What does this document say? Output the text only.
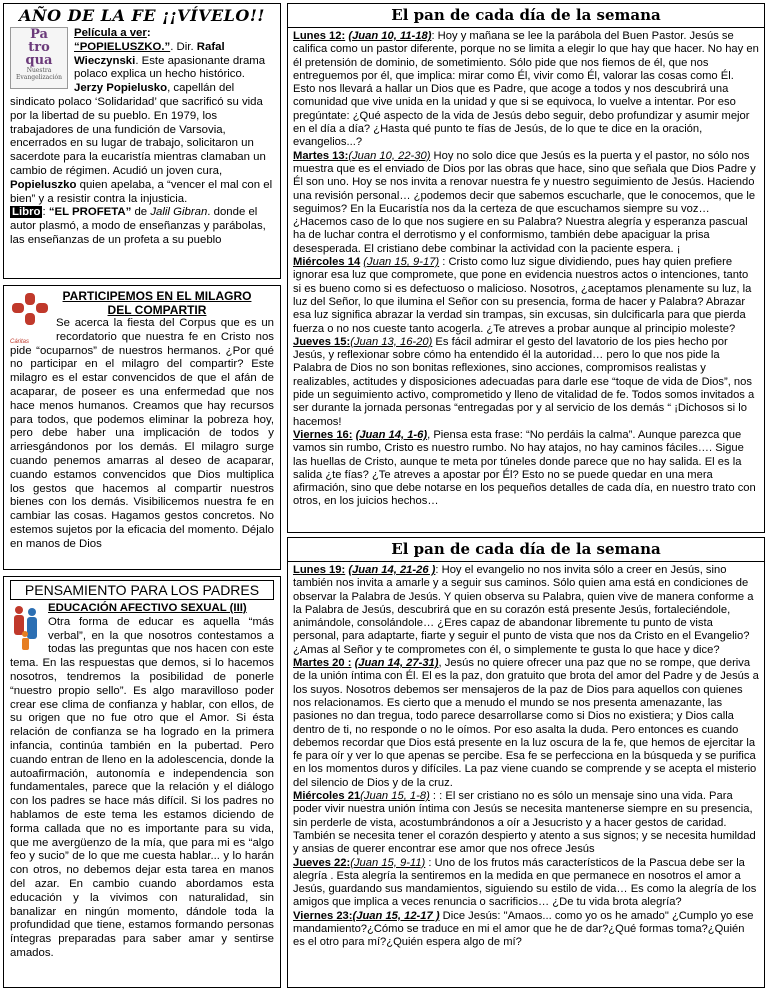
AÑO DE LA FE ¡¡VÍVELO!!
Pa
tro
qua
Nuestra Evangelización

Película a ver:
“POPIELUSZKO.”. Dir. Rafal Wieczynski. Este apasionante drama polaco explica un hecho histórico. Jerzy Popielusko, capellán del sindicato polaco ‘Solidaridad’ que sacrificó su vida por la libertad de su pueblo. En 1979, los trabajadores de una fundición de Varsovia, encerrados en su lugar de trabajo, solicitaron un sacerdote para la eucaristía mientras clamaban un cambio de régimen. Acudió un joven cura, Popieluszko quien apelaba, a “vencer el mal con el bien” y a resistir contra la injusticia.

Libro : “EL PROFETA” de Jalil Gibran. donde el autor plasmó, a modo de enseñanzas y parábolas, las enseñanzas de un profeta a su pueblo

PARTICIPEMOS EN EL MILAGRO
DEL COMPARTIR
Cáritas

Se acerca la fiesta del Corpus que es un recordatorio que nuestra fe en Cristo nos pide “ocuparnos” de nuestros hermanos. ¿Por qué no participar en el milagro del compartir? Este milagro es el estar convencidos de que el afán de acaparar, de poseer es una enfermedad que nos hace menos humanos. Creamos que hay recursos para todos, que podemos eliminar la pobreza hoy, pero debe haber una implicación de todos y arriesgándonos por los demás. El milagro surge cuando penemos amarras al deseo de acaparar, cuando estamos convencidos que Dios multiplica los gestos que hacemos al compartir nuestros bienes con los demás. Visibilicemos nuestra fe en cambiar las cosas. Hagamos gestos concretos. No estemos sujetos por la eficacia del momento. Déjalo en manos de Dios

PENSAMIENTO PARA LOS PADRES
EDUCACIÓN AFECTIVO SEXUAL (III)

Otra forma de educar es aquella “más verbal”, en la que nosotros contestamos a todas las preguntas que nos hacen con este tema. En las respuestas que demos, si lo hacemos nosotros, tendremos la posibilidad de ponerle “nuestro propio sello”. Es algo maravilloso poder crear ese clima de confianza y hablar, con ellos, de su origen que no fue otro que el Amor. Si ésta relación de confianza se ha logrado en la primera infancia, continúa también en la pubertad. Pero cuando entran de lleno en la adolescencia, donde la autoafirmación, autonomía e independencia son fundamentales, parece que la relación y el diálogo con los padres se hace más difícil. Si los padres no hablamos de este tema les estamos diciendo de forma callada que no es importante para su vida, que me avergüenzo de la mía, que para mi es “algo feo y sucio” de lo que me cuesta hablar... y lo harán con otros, no debemos dejar esta tarea en manos del azar. En cambio cuando abordamos esta educación y la vivimos con naturalidad, sin banalizar en ningún momento, dándole toda la profundidad que tiene, estamos formando personas íntegras preparadas para saber amar y sentirse amados.

El pan de cada día de la semana

Lunes 12: (Juan 10, 11-18): Hoy y mañana se lee la parábola del Buen Pastor. Jesús se califica como un pastor diferente, porque no se limita a elegir lo que hay que hacer. No hay en él pretensión de dominio, de sometimiento. Sólo pide que nos fiemos de él, que nos entreguemos por él, que implica: mirar como Él, vivir como Él, valorar las cosas como Él. Esto nos llevará a hallar un Dios que es Padre, que acoge a todos y nos descubrirá una comunidad que vive unida en la unidad y que si se equivoca, lo vuelve a intentar. Por eso pregúntate: ¿Qué aspecto de la vida de Jesús debo seguir, debo profundizar y asumir mejor en el día a día? ¿Hasta qué punto te fías de Jesús, de lo que te dice en la oración, evangelios...?

Martes 13:(Juan 10, 22-30) Hoy no solo dice que Jesús es la puerta y el pastor, no sólo nos muestra que es el enviado de Dios por las obras que hace, sino que señala que Dios Padre y Él son uno. Hoy se nos invita a renovar nuestra fe y nuestro seguimiento de Jesús. Haciendo una revisión personal… ¿podemos decir que sabemos escucharle, que le conocemos, que le seguimos? En la Eucaristía nos da la certeza de que escuchamos siempre su voz… ¿Hacemos caso de lo que nos sugiere en su Palabra? Nuestra alegría y esperanza pascual ha de luchar contra el derrotismo y el conformismo, también debe apaciguar la prisa desesperada. El cristiano debe combinar la actividad con la paciente espera. ¡

Miércoles 14 (Juan 15, 9-17) : Cristo como luz sigue dividiendo, pues hay quien prefiere ignorar esa luz que compromete, que pone en evidencia nuestros actos o intenciones, tanto si es bueno como si es defectuoso o malicioso. Nosotros, ¿aceptamos plenamente su luz, la luz del Señor, lo que ilumina el Señor con su presencia, forma de hacer y Palabra? Abrazar esa luz significa abrazar la verdad sin trampas, sin excusas, sin dulcificarla para que pierda fuerza o no nos cueste tanto acogerla. ¿Te atreves a probar aunque al principio moleste?

Jueves 15:(Juan 13, 16-20) Es fácil admirar el gesto del lavatorio de los pies hecho por Jesús, y reflexionar sobre cómo ha entendido él la autoridad… pero lo que nos pide la Palabra de Dios no son bonitas reflexiones, sino acciones, compromisos realistas y realizables, actitudes y disposiciones adecuadas para darle ese “toque de vida de Dios”, nos pide un seguimiento activo, comprometido y lleno de vitalidad de fe. Todos somos invitados a ser durante la jornada personas “entregadas por y al servicio de los demás “ ¡Dichosos si lo hacemos!

Viernes 16: (Juan 14, 1-6), Piensa esta frase: “No perdáis la calma”. Aunque parezca que vamos sin rumbo, Cristo es nuestro rumbo. No hay atajos, no hay caminos fáciles…. Sigue las huellas de Cristo, aunque te meta por túneles donde parece que no hay salida. El es la salida ¿te fías? ¿Te atreves a apostar por Él? Esto no se puede quedar en una mera afirmación, sino que debe notarse en los pequeños detalles de cada día, en nuestro trato con otros, en los juicios hechos…

El pan de cada día de la semana

Lunes 19: (Juan 14, 21-26 ): Hoy el evangelio no nos invita sólo a creer en Jesús, sino también nos invita a amarle y a seguir sus caminos. Sólo quien ama está en condiciones de observar la Palabra de Jesús. Y quien observa su Palabra, quien vive de manera conforme a la Palabra de Jesús, descubrirá que en su corazón está presente Jesús, fortaleciéndole, animándole, consolándole… ¿Eres capaz de abandonar libremente tu punto de vista personal, para adaptarte, fiarte y seguir el punto de vista que nos da Cristo en el Evangelio? ¿Amas al Señor y te comprometes con él, o simplemente te gusta lo que hace y dice?

Martes 20 : (Juan 14, 27-31), Jesús no quiere ofrecer una paz que no se rompe, que deriva de la unión íntima con Él. El es la paz, don gratuito que brota del amor del Padre y de Jesús a los suyos. Nosotros debemos ser mensajeros de la paz de Dios para aquellos con quienes nos relacionamos. Es cierto que a menudo el mundo se nos presenta amenazante, las pasiones no dan tregua, todo parece desarrollarse como si Dios no existiera; y Dios calla dentro de ti, no responde o no le oímos. Por eso asalta la duda. Pero entonces es cuando debemos recordar que Dios está presente en la luz oscura de la fe, que hemos de ejercitar la fe para oír y ver lo que apenas se percibe. Esa fe se perfecciona en la búsqueda y se purifica en los momentos duros y difíciles. La paz viene cuando se comprende y se acepta el misterio del silencio de Dios y de la cruz.

Miércoles 21(Juan 15, 1-8) : : El ser cristiano no es sólo un mensaje sino una vida. Para poder vivir nuestra unión íntima con Jesús se necesita mantenerse siempre en su presencia, sin perderle de vista, acostumbrándonos a oír a Jesucristo y a hacer gestos de caridad. También se necesita tener el corazón despierto y atento a sus signos; y se necesita humildad y ansias de querer encontrar ese amor que nos ofrece Jesús

Jueves 22:(Juan 15, 9-11) : Uno de los frutos más característicos de la Pascua debe ser la alegría . Esta alegría la sentiremos en la medida en que permanece en nosotros el amor a Jesús, guardando sus mandamientos, siguiendo su estilo de vida… Es como la alegría de los amigos que implica a veces renuncia o sacrificios… ¿De tu vida brota alegría?

Viernes 23:(Juan 15, 12-17 ) Dice Jesús: "Amaos... como yo os he amado" ¿Cumplo yo ese mandamiento?¿Cómo se traduce en mi el amor que he de dar?¿Qué formas toma?¿Quién es el otro para mí?¿Quién espera algo de mí?
